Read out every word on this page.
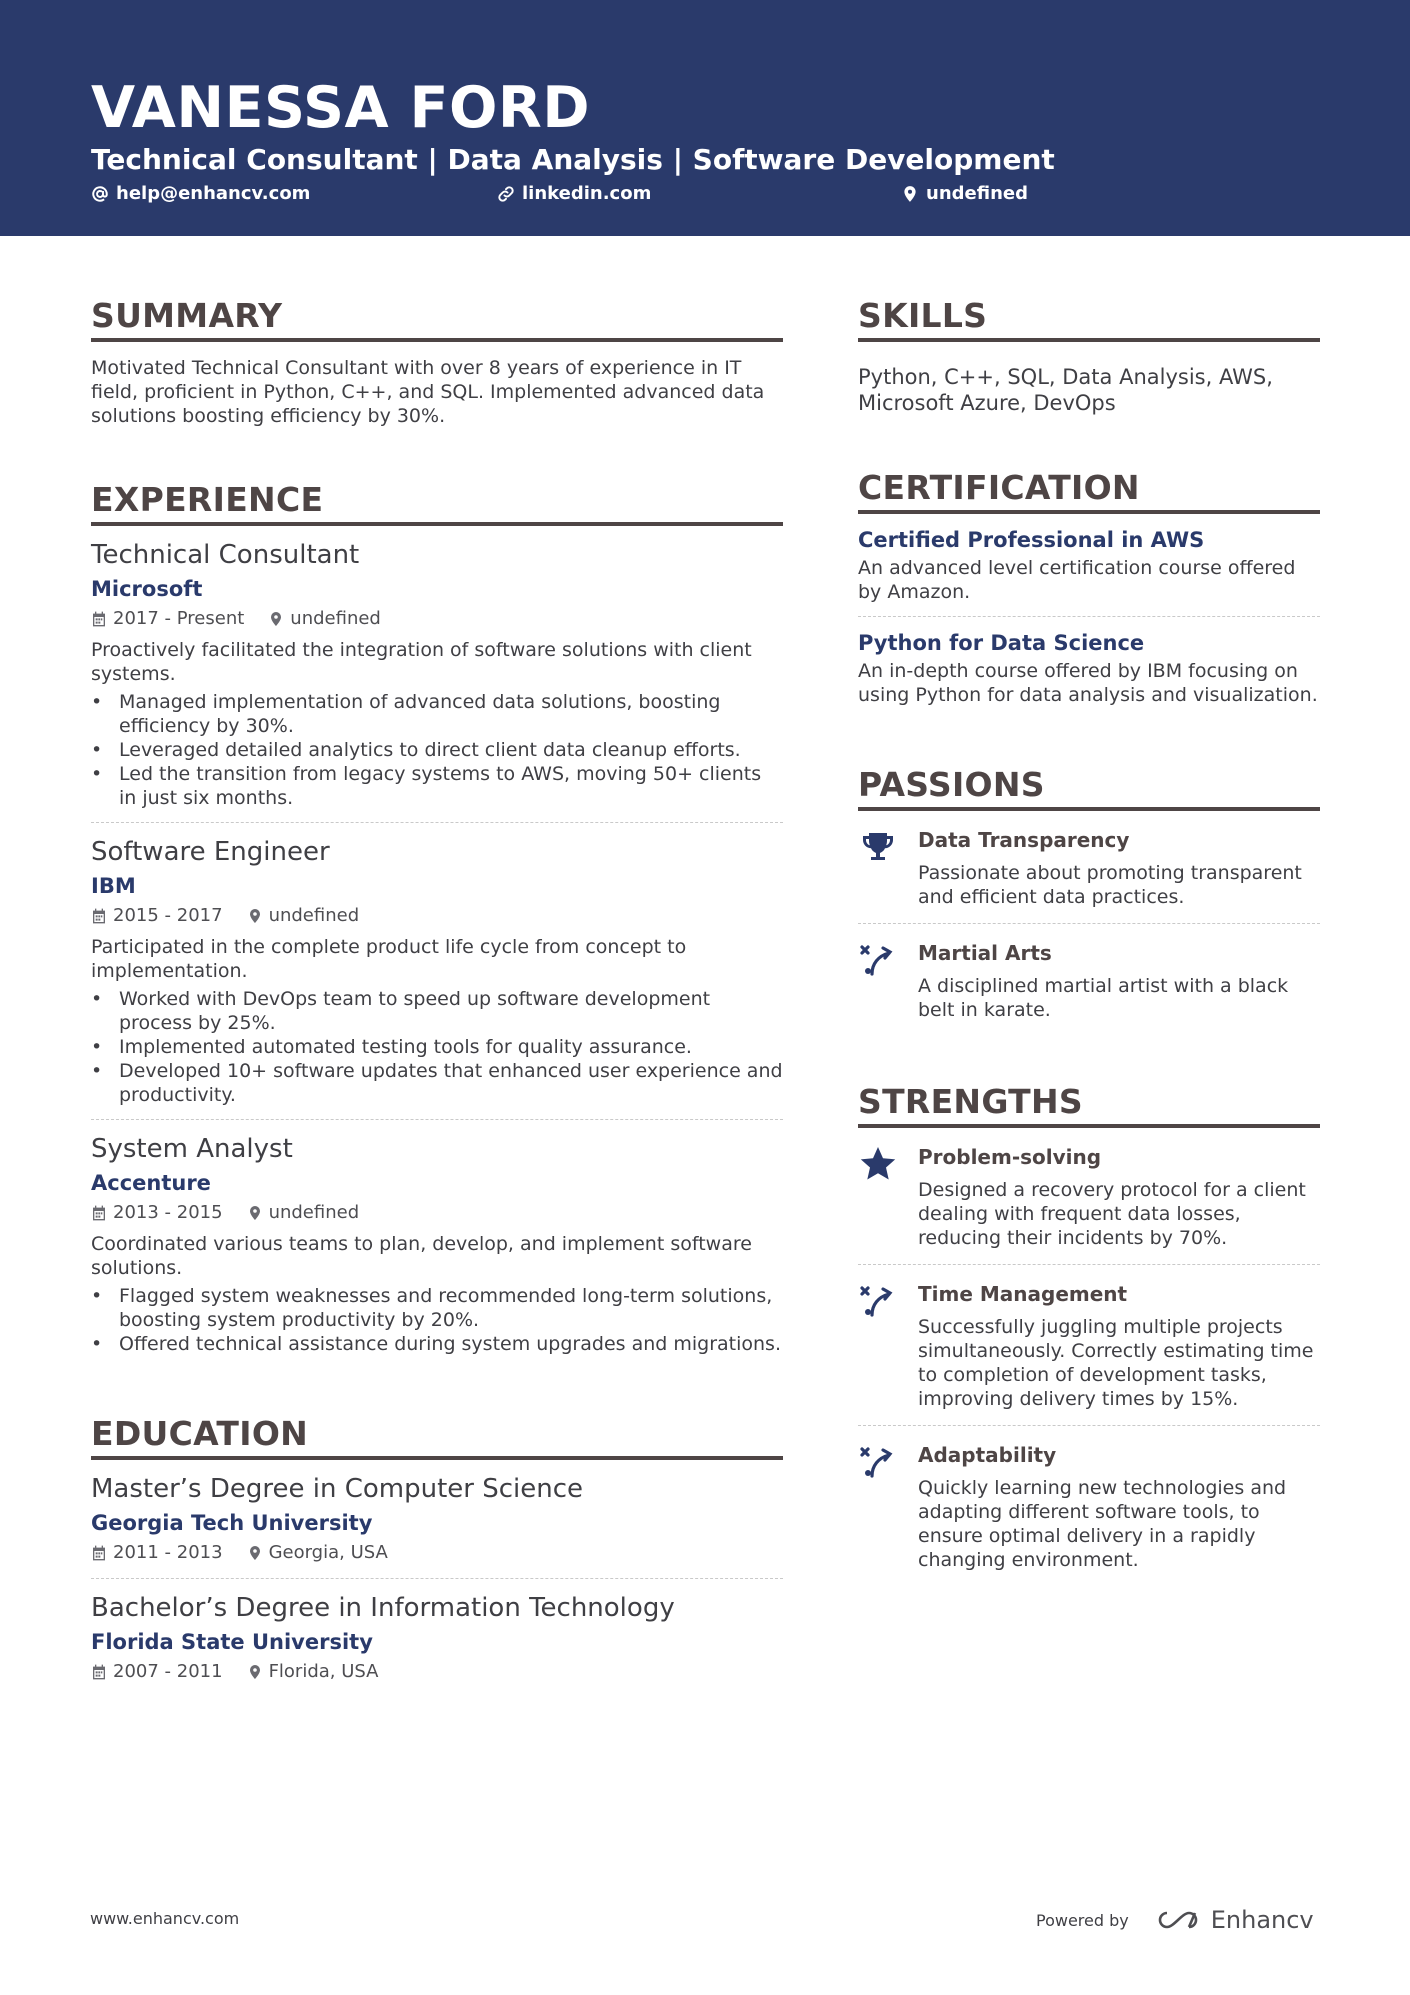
VANESSA FORD
Technical Consultant | Data Analysis | Software Development
help@enhancv.com	linkedin.com	undefined
SUMMARY
Motivated Technical Consultant with over 8 years of experience in IT field, proficient in Python, C++, and SQL. Implemented advanced data solutions boosting efficiency by 30%.
EXPERIENCE
Technical Consultant
Microsoft
2017 - Present	undefined
Proactively facilitated the integration of software solutions with client systems.
• Managed implementation of advanced data solutions, boosting efficiency by 30%.
• Leveraged detailed analytics to direct client data cleanup efforts.
• Led the transition from legacy systems to AWS, moving 50+ clients in just six months.
Software Engineer
IBM
2015 - 2017	undefined
Participated in the complete product life cycle from concept to implementation.
• Worked with DevOps team to speed up software development process by 25%.
• Implemented automated testing tools for quality assurance.
• Developed 10+ software updates that enhanced user experience and productivity.
System Analyst
Accenture
2013 - 2015	undefined
Coordinated various teams to plan, develop, and implement software solutions.
• Flagged system weaknesses and recommended long-term solutions, boosting system productivity by 20%.
• Offered technical assistance during system upgrades and migrations.
EDUCATION
Master’s Degree in Computer Science
Georgia Tech University
2011 - 2013	Georgia, USA
Bachelor’s Degree in Information Technology
Florida State University
2007 - 2011	Florida, USA
SKILLS
Python, C++, SQL, Data Analysis, AWS, Microsoft Azure, DevOps
CERTIFICATION
Certified Professional in AWS
An advanced level certification course offered by Amazon.
Python for Data Science
An in-depth course offered by IBM focusing on using Python for data analysis and visualization.
PASSIONS
Data Transparency
Passionate about promoting transparent and efficient data practices.
Martial Arts
A disciplined martial artist with a black belt in karate.
STRENGTHS
Problem-solving
Designed a recovery protocol for a client dealing with frequent data losses, reducing their incidents by 70%.
Time Management
Successfully juggling multiple projects simultaneously. Correctly estimating time to completion of development tasks, improving delivery times by 15%.
Adaptability
Quickly learning new technologies and adapting different software tools, to ensure optimal delivery in a rapidly changing environment.
www.enhancv.com	Powered by	Enhancv
